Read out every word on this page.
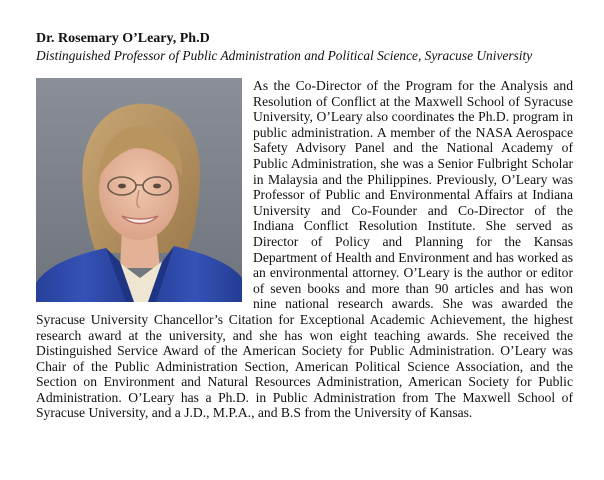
Dr. Rosemary O’Leary, Ph.D

Distinguished Professor of Public Administration and Political Science, Syracuse University

As the Co-Director of the Program for the Analysis and Resolution of Conflict at the Maxwell School of Syracuse University, O’Leary also coordinates the Ph.D. program in public administration. A member of the NASA Aerospace Safety Advisory Panel and the National Academy of Public Administration, she was a Senior Fulbright Scholar in Malaysia and the Philippines. Previously, O’Leary was Professor of Public and Environmental Affairs at Indiana University and Co-Founder and Co-Director of the Indiana Conflict Resolution Institute. She served as Director of Policy and Planning for the Kansas Department of Health and Environment and has worked as an environmental attorney. O’Leary is the author or editor of seven books and more than 90 articles and has won nine national research awards. She was awarded the Syracuse University Chancellor’s Citation for Exceptional Academic Achievement, the highest research award at the university, and she has won eight teaching awards. She received the Distinguished Service Award of the American Society for Public Administration. O’Leary was Chair of the Public Administration Section, American Political Science Association, and the Section on Environment and Natural Resources Administration, American Society for Public Administration. O’Leary has a Ph.D. in Public Administration from The Maxwell School of Syracuse University, and a J.D., M.P.A., and B.S from the University of Kansas.
